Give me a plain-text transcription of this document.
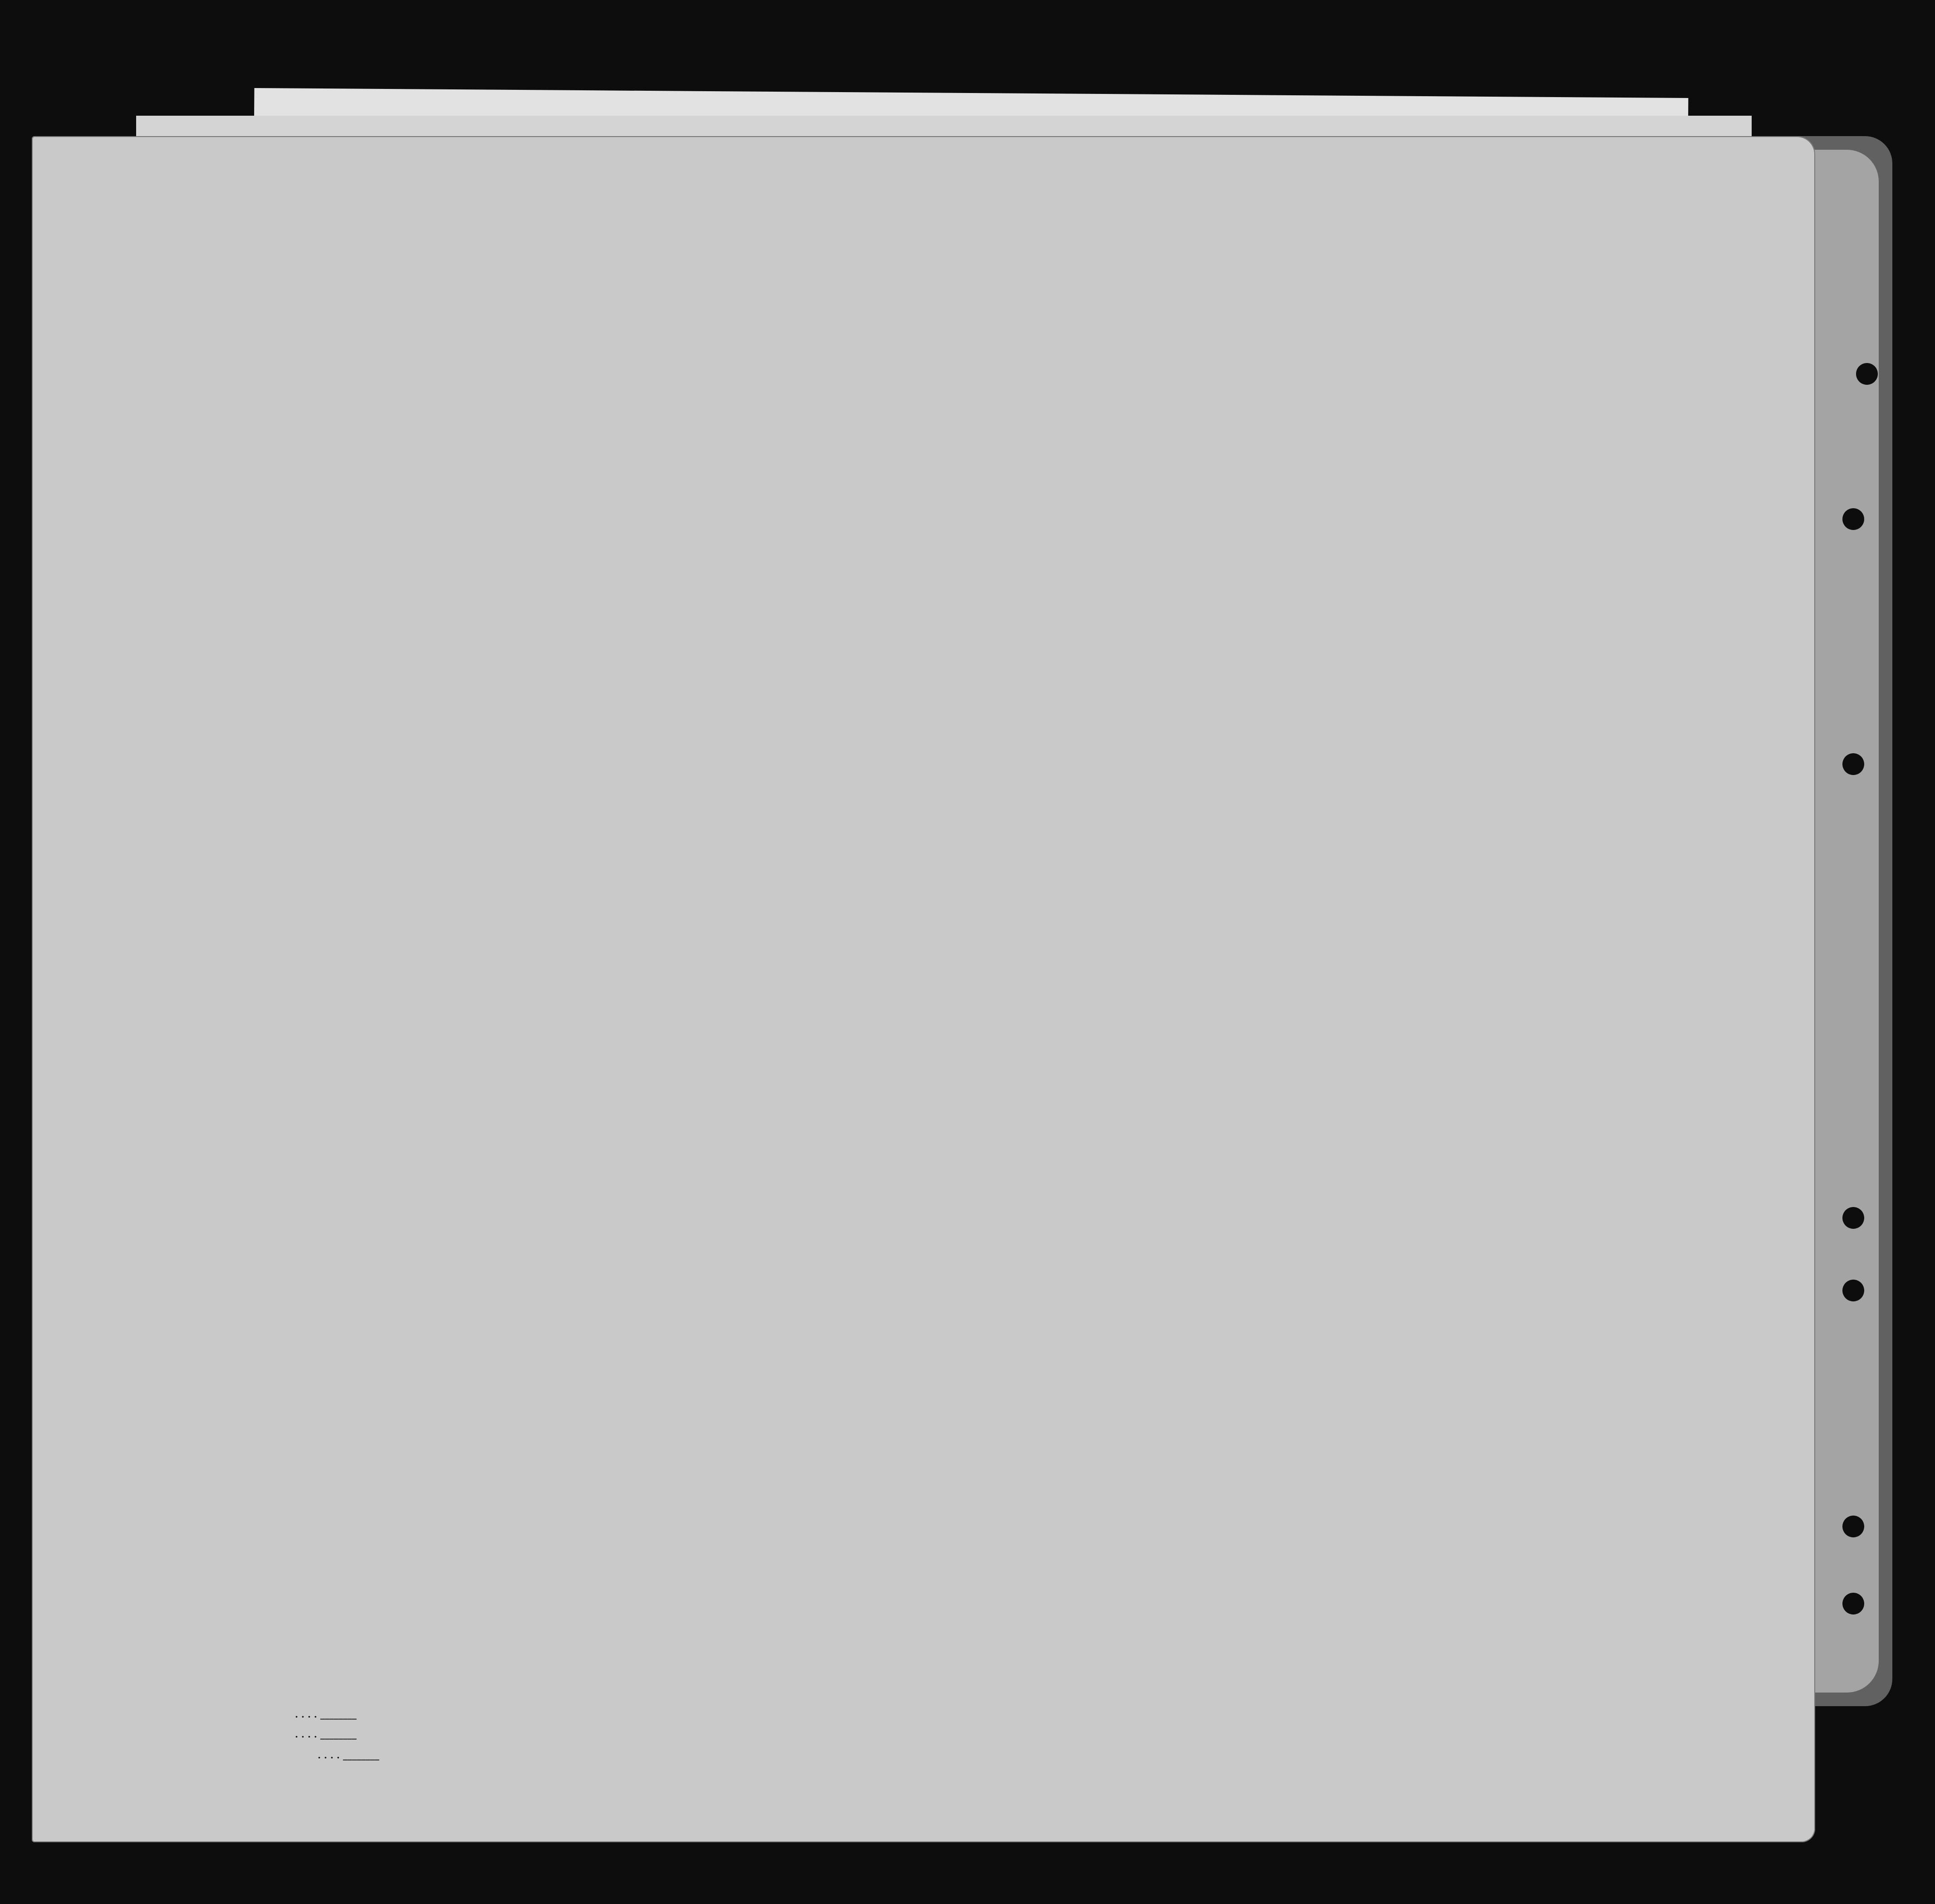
. . . . ________
. . . . ________
. . . . ________
